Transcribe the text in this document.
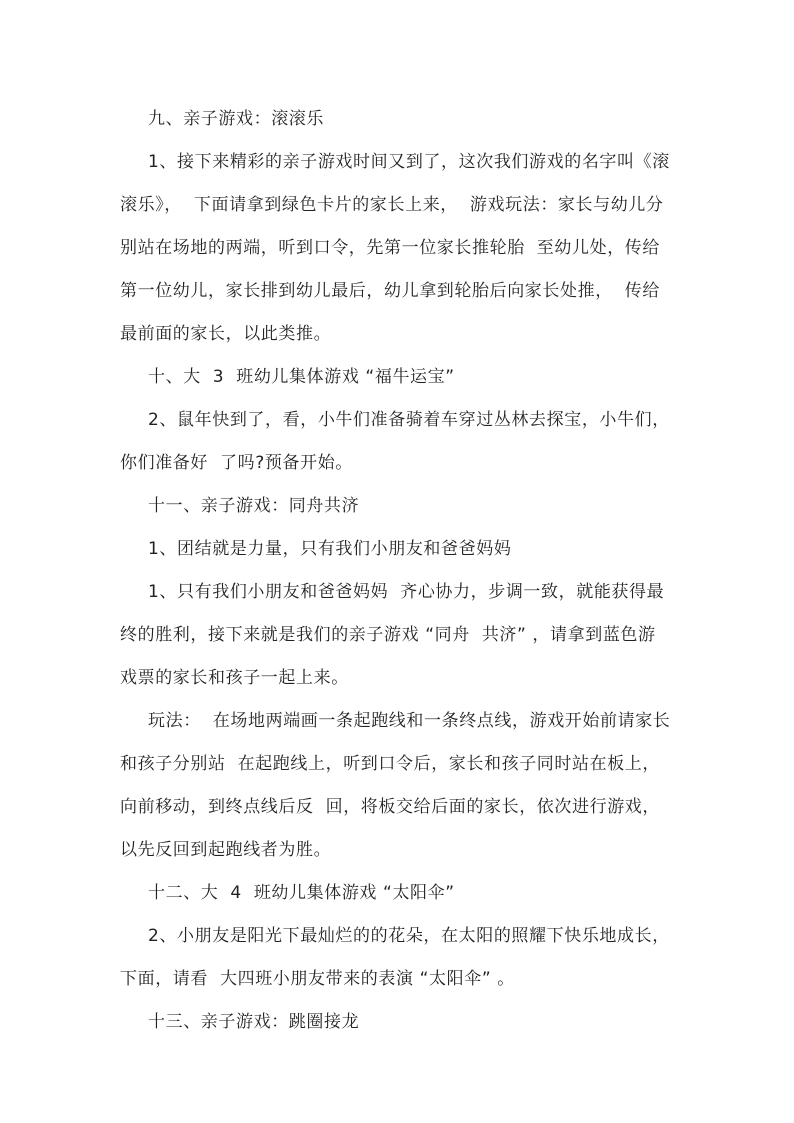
九、亲子游戏：滚滚乐
1、接下来精彩的亲子游戏时间又到了，这次我们游戏的名字叫《滚
滚乐》，  下面请拿到绿色卡片的家长上来，  游戏玩法：家长与幼儿分
别站在场地的两端，听到口令，先第一位家长推轮胎  至幼儿处，传给
第一位幼儿，家长排到幼儿最后，幼儿拿到轮胎后向家长处推，  传给
最前面的家长，以此类推。
十、大  3  班幼儿集体游戏 “福牛运宝”
2、鼠年快到了，看，小牛们准备骑着车穿过丛林去探宝，小牛们，
你们准备好  了吗?预备开始。
十一、亲子游戏：同舟共济
1、团结就是力量，只有我们小朋友和爸爸妈妈
1、只有我们小朋友和爸爸妈妈  齐心协力，步调一致，就能获得最
终的胜利，接下来就是我们的亲子游戏 “同舟  共济” ，请拿到蓝色游
戏票的家长和孩子一起上来。
玩法：  在场地两端画一条起跑线和一条终点线，游戏开始前请家长
和孩子分别站  在起跑线上，听到口令后，家长和孩子同时站在板上，
向前移动，到终点线后反  回，将板交给后面的家长，依次进行游戏，
以先反回到起跑线者为胜。
十二、大  4  班幼儿集体游戏 “太阳伞”
2、小朋友是阳光下最灿烂的的花朵，在太阳的照耀下快乐地成长，
下面，请看  大四班小朋友带来的表演 “太阳伞” 。
十三、亲子游戏：跳圈接龙
